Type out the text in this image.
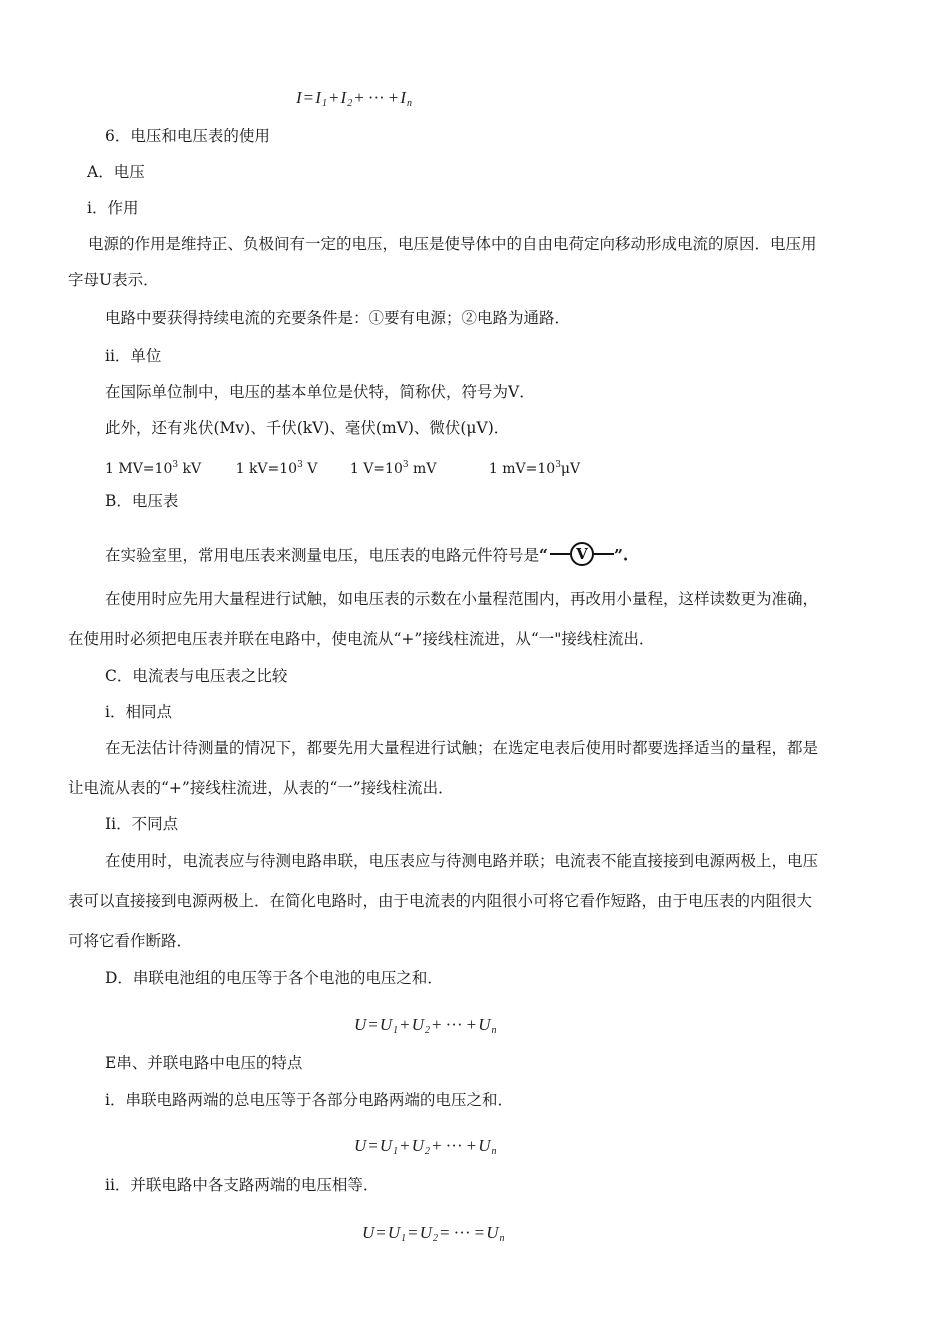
$I = I_1 + I_2$ + ··· + $I_n$
6．电压和电压表的使用
A．电压
i．作用
电源的作用是维持正、负极间有一定的电压，电压是使导体中的自由电荷定向移动形成电流的原因．电压用
字母U表示．
电路中要获得持续电流的充要条件是：①要有电源；②电路为通路．
ii．单位
在国际单位制中，电压的基本单位是伏特，简称伏，符号为V．
此外，还有兆伏(Mv)、千伏(kV)、毫伏(mV)、微伏(μV)．
1 $MV=10^3$ kV 1 $kV=10^3$ V 1 $V=10^3$ mV	1 $mV=10^3\mu V$
B．电压表
在实验室里，常用电压表来测量电压，电压表的电路元件符号是“ V ”.
在使用时应先用大量程进行试触，如电压表的示数在小量程范围内，再改用小量程，这样读数更为准确，
在使用时必须把电压表并联在电路中，使电流从“+”接线柱流进，从“一"接线柱流出．
C．电流表与电压表之比较
i．相同点
在无法估计待测量的情况下，都要先用大量程进行试触；在选定电表后使用时都要选择适当的量程，都是
让电流从表的“+”接线柱流进，从表的“一”接线柱流出．
Ii．不同点
在使用时，电流表应与待测电路串联，电压表应与待测电路并联；电流表不能直接接到电源两极上，电压
表可以直接接到电源两极上．在简化电路时，由于电流表的内阻很小可将它看作短路，由于电压表的内阻很大
可将它看作断路．
D．串联电池组的电压等于各个电池的电压之和．
$U = U_1 + U_2$ + ··· + $U_n$
E串、并联电路中电压的特点
i．串联电路两端的总电压等于各部分电路两端的电压之和．
$U = U_1 + U_2$ + ··· + $U_n$
ii．并联电路中各支路两端的电压相等．
$U = U_1 = U_2$ = ··· = $U_n$
